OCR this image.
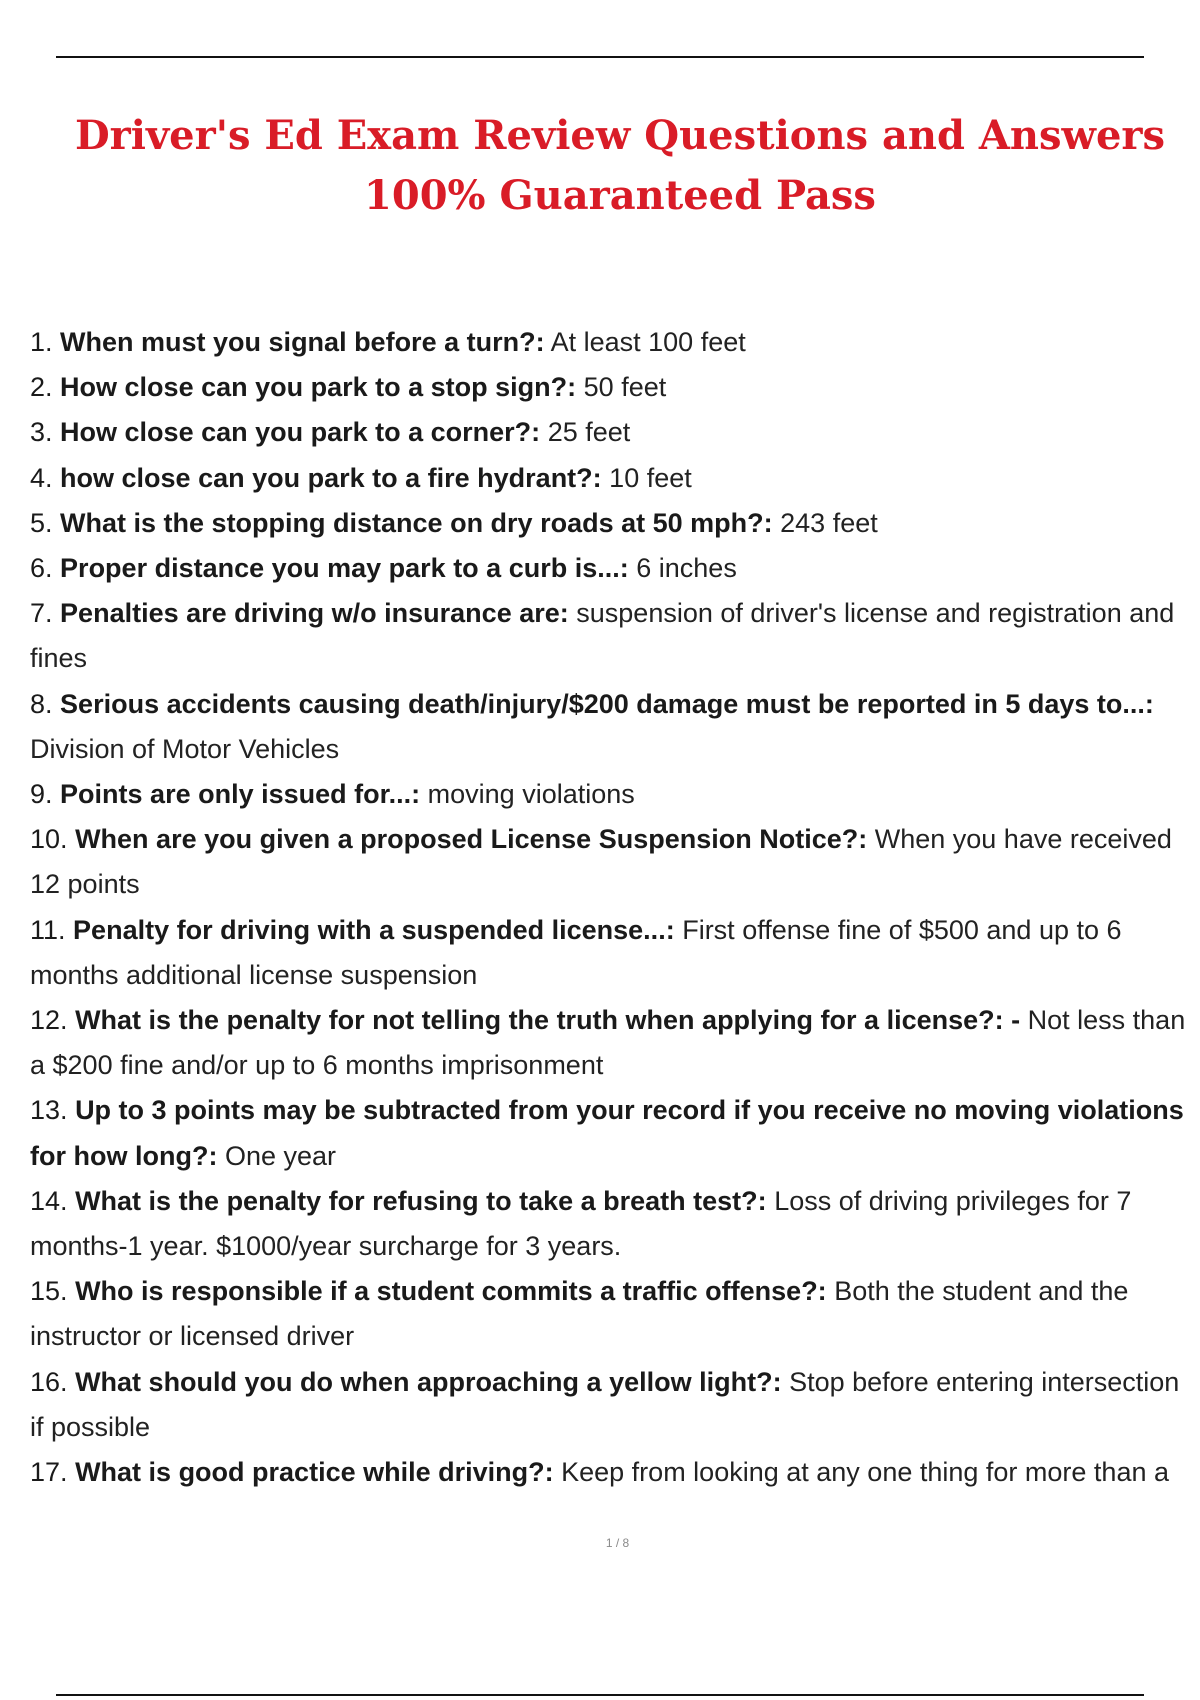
Driver's Ed Exam Review Questions and Answers 100% Guaranteed Pass
1. When must you signal before a turn?: At least 100 feet
2. How close can you park to a stop sign?: 50 feet
3. How close can you park to a corner?: 25 feet
4. how close can you park to a fire hydrant?: 10 feet
5. What is the stopping distance on dry roads at 50 mph?: 243 feet
6. Proper distance you may park to a curb is...: 6 inches
7. Penalties are driving w/o insurance are: suspension of driver's license and registration and fines
8. Serious accidents causing death/injury/$200 damage must be reported in 5 days to...: Division of Motor Vehicles
9. Points are only issued for...: moving violations
10. When are you given a proposed License Suspension Notice?: When you have received 12 points
11. Penalty for driving with a suspended license...: First offense fine of $500 and up to 6 months additional license suspension
12. What is the penalty for not telling the truth when applying for a license?: - Not less than a $200 fine and/or up to 6 months imprisonment
13. Up to 3 points may be subtracted from your record if you receive no moving violations for how long?: One year
14. What is the penalty for refusing to take a breath test?: Loss of driving privileges for 7 months-1 year. $1000/year surcharge for 3 years.
15. Who is responsible if a student commits a traffic offense?: Both the student and the instructor or licensed driver
16. What should you do when approaching a yellow light?: Stop before entering intersection if possible
17. What is good practice while driving?: Keep from looking at any one thing for more than a
1 / 8
